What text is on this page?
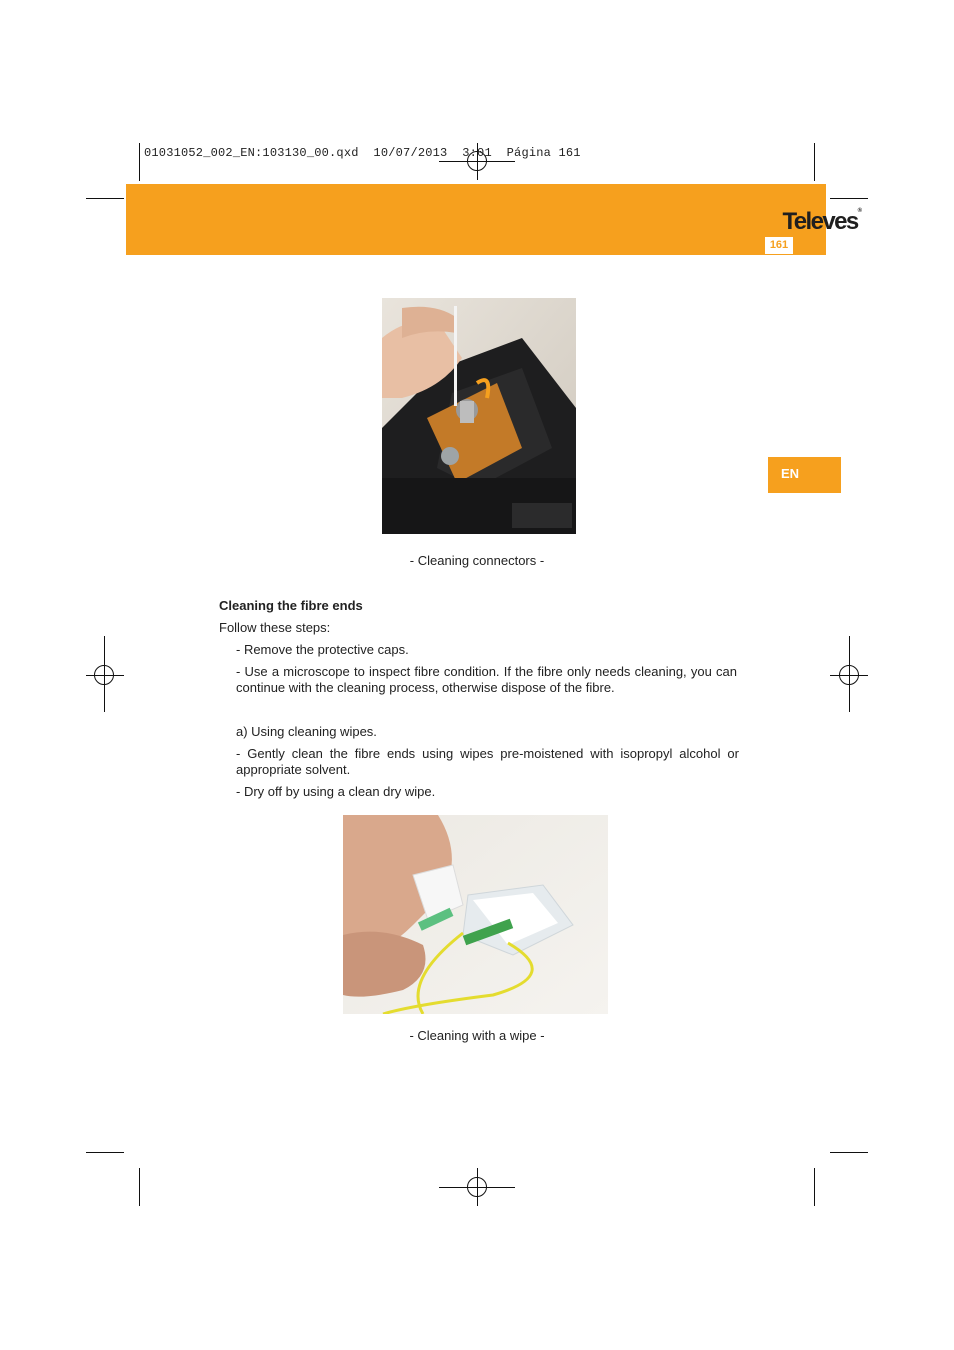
01031052_002_EN:103130_00.qxd  10/07/2013  3:01  Página 161
Televes®
161
EN
- Cleaning connectors -
Cleaning the fibre ends
Follow these steps:
- Remove the protective caps.
- Use a microscope to inspect fibre condition. If the fibre only needs cleaning, you can continue with the cleaning process, otherwise dispose of the fibre.
a) Using cleaning wipes.
- Gently clean the fibre ends using wipes pre-moistened with isopropyl alcohol or appropriate solvent.
- Dry off by using a clean dry wipe.
- Cleaning with a wipe -
